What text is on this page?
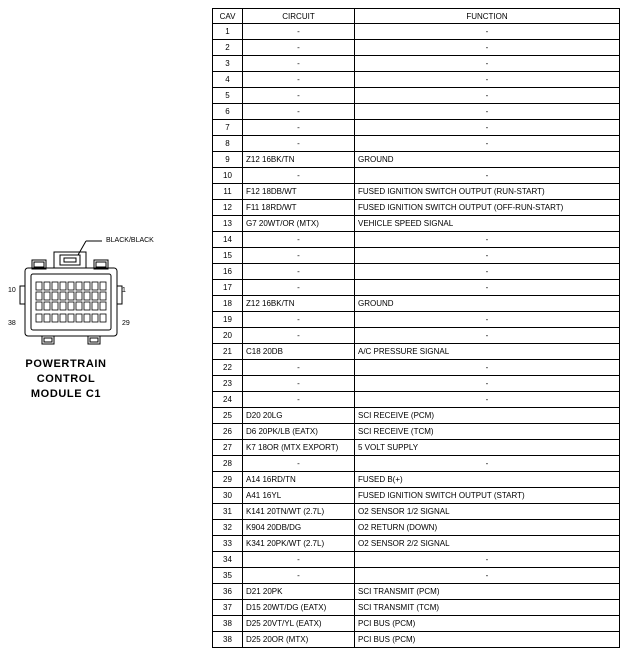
BLACK/BLACK
10	1
38	29
POWERTRAIN
CONTROL
MODULE C1
CAV	CIRCUIT	FUNCTION
1	-	-
2	-	-
3	-	-
4	-	-
5	-	-
6	-	-
7	-	-
8	-	-
9	Z12 16BK/TN	GROUND
10	-	-
11	F12 18DB/WT	FUSED IGNITION SWITCH OUTPUT (RUN-START)
12	F11 18RD/WT	FUSED IGNITION SWITCH OUTPUT (OFF-RUN-START)
13	G7 20WT/OR (MTX)	VEHICLE SPEED SIGNAL
14	-	-
15	-	-
16	-	-
17	-	-
18	Z12 16BK/TN	GROUND
19	-	-
20	-	-
21	C18 20DB	A/C PRESSURE SIGNAL
22	-	-
23	-	-
24	-	-
25	D20 20LG	SCI RECEIVE (PCM)
26	D6 20PK/LB (EATX)	SCI RECEIVE (TCM)
27	K7 18OR (MTX EXPORT)	5 VOLT SUPPLY
28	-	-
29	A14 16RD/TN	FUSED B(+)
30	A41 16YL	FUSED IGNITION SWITCH OUTPUT (START)
31	K141 20TN/WT (2.7L)	O2 SENSOR 1/2 SIGNAL
32	K904 20DB/DG	O2 RETURN (DOWN)
33	K341 20PK/WT (2.7L)	O2 SENSOR 2/2 SIGNAL
34	-	-
35	-	-
36	D21 20PK	SCI TRANSMIT (PCM)
37	D15 20WT/DG (EATX)	SCI TRANSMIT (TCM)
38	D25 20VT/YL (EATX)	PCI BUS (PCM)
38	D25 20OR (MTX)	PCI BUS (PCM)
